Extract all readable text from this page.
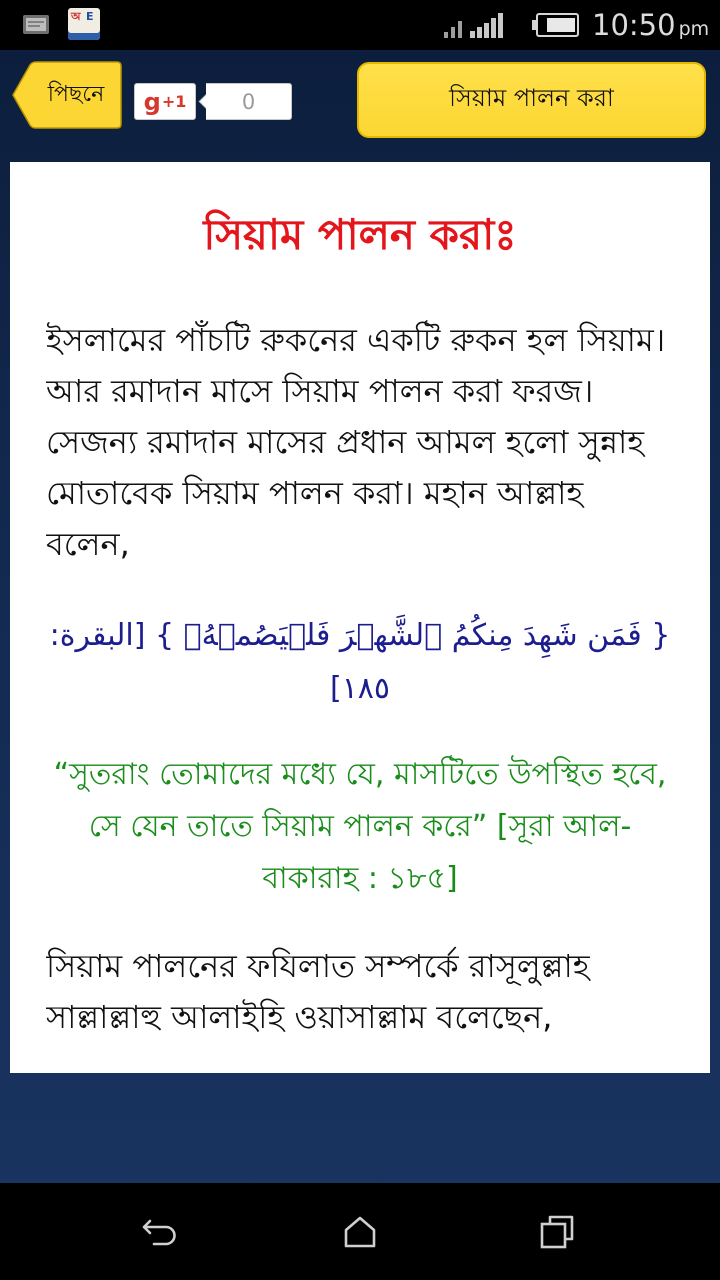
অ E	10:50 pm
পিছনে	g +1	0	সিয়াম পালন করা
সিয়াম পালন করাঃ
ইসলামের পাঁচটি রুকনের একটি রুকন হল সিয়াম। আর রমাদান মাসে সিয়াম পালন করা ফরজ। সেজন্য রমাদান মাসের প্রধান আমল হলো সুন্নাহ মোতাবেক সিয়াম পালন করা। মহান আল্লাহ বলেন,
{ فَمَن شَهِدَ مِنكُمُ ٱلشَّهۡرَ فَلۡيَصُمۡهُۖ } [البقرة: ١٨٥]
“সুতরাং তোমাদের মধ্যে যে, মাসটিতে উপস্থিত হবে, সে যেন তাতে সিয়াম পালন করে” [সূরা আল-বাকারাহ : ১৮৫]
সিয়াম পালনের ফযিলাত সম্পর্কে রাসূলুল্লাহ সাল্লাল্লাহু আলাইহি ওয়াসাল্লাম বলেছেন,
